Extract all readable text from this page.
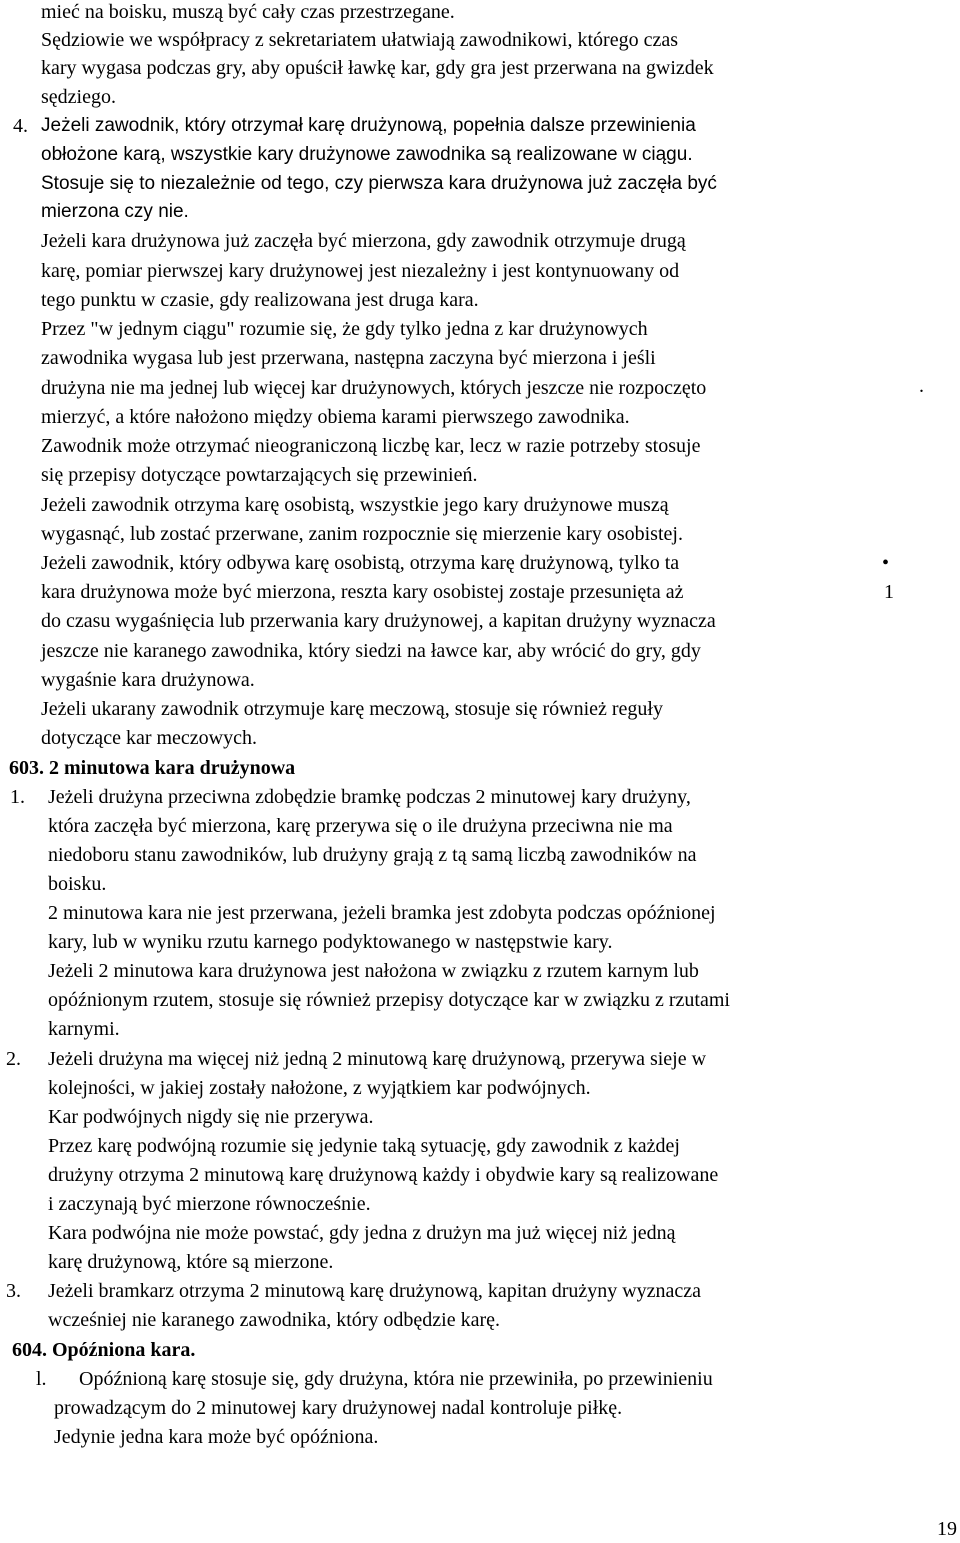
mieć na boisku, muszą być cały czas przestrzegane.
Sędziowie we współpracy z sekretariatem ułatwiają zawodnikowi, którego czas
kary wygasa podczas gry, aby opuścił ławkę kar, gdy gra jest przerwana na gwizdek
sędziego.
4. Jeżeli zawodnik, który otrzymał karę drużynową, popełnia dalsze przewinienia
obłożone karą, wszystkie kary drużynowe zawodnika są realizowane w ciągu.
Stosuje się to niezależnie od tego, czy pierwsza kara drużynowa już zaczęła być
mierzona czy nie.
Jeżeli kara drużynowa już zaczęła być mierzona, gdy zawodnik otrzymuje drugą
karę, pomiar pierwszej kary drużynowej jest niezależny i jest kontynuowany od
tego punktu w czasie, gdy realizowana jest druga kara.
Przez "w jednym ciągu" rozumie się, że gdy tylko jedna z kar drużynowych
zawodnika wygasa lub jest przerwana, następna zaczyna być mierzona i jeśli
drużyna nie ma jednej lub więcej kar drużynowych, których jeszcze nie rozpoczęto	.
mierzyć, a które nałożono między obiema karami pierwszego zawodnika.
Zawodnik może otrzymać nieograniczoną liczbę kar, lecz w razie potrzeby stosuje
się przepisy dotyczące powtarzających się przewinień.
Jeżeli zawodnik otrzyma karę osobistą, wszystkie jego kary drużynowe muszą
wygasnąć, lub zostać przerwane, zanim rozpocznie się mierzenie kary osobistej.
Jeżeli zawodnik, który odbywa karę osobistą, otrzyma karę drużynową, tylko ta	•
kara drużynowa może być mierzona, reszta kary osobistej zostaje przesunięta aż	1
do czasu wygaśnięcia lub przerwania kary drużynowej, a kapitan drużyny wyznacza
jeszcze nie karanego zawodnika, który siedzi na ławce kar, aby wrócić do gry, gdy
wygaśnie kara drużynowa.
Jeżeli ukarany zawodnik otrzymuje karę meczową, stosuje się również reguły
dotyczące kar meczowych.
603. 2 minutowa kara drużynowa
1. Jeżeli drużyna przeciwna zdobędzie bramkę podczas 2 minutowej kary drużyny,
która zaczęła być mierzona, karę przerywa się o ile drużyna przeciwna nie ma
niedoboru stanu zawodników, lub drużyny grają z tą samą liczbą zawodników na
boisku.
2 minutowa kara nie jest przerwana, jeżeli bramka jest zdobyta podczas opóźnionej
kary, lub w wyniku rzutu karnego podyktowanego w następstwie kary.
Jeżeli 2 minutowa kara drużynowa jest nałożona w związku z rzutem karnym lub
opóźnionym rzutem, stosuje się również przepisy dotyczące kar w związku z rzutami
karnymi.
2. Jeżeli drużyna ma więcej niż jedną 2 minutową karę drużynową, przerywa sieje w
kolejności, w jakiej zostały nałożone, z wyjątkiem kar podwójnych.
Kar podwójnych nigdy się nie przerywa.
Przez karę podwójną rozumie się jedynie taką sytuację, gdy zawodnik z każdej
drużyny otrzyma 2 minutową karę drużynową każdy i obydwie kary są realizowane
i zaczynają być mierzone równocześnie.
Kara podwójna nie może powstać, gdy jedna z drużyn ma już więcej niż jedną
karę drużynową, które są mierzone.
3. Jeżeli bramkarz otrzyma 2 minutową karę drużynową, kapitan drużyny wyznacza
wcześniej nie karanego zawodnika, który odbędzie karę.
604. Opóźniona kara.
l. Opóźnioną karę stosuje się, gdy drużyna, która nie przewiniła, po przewinieniu
prowadzącym do 2 minutowej kary drużynowej nadal kontroluje piłkę.
Jedynie jedna kara może być opóźniona.
19
